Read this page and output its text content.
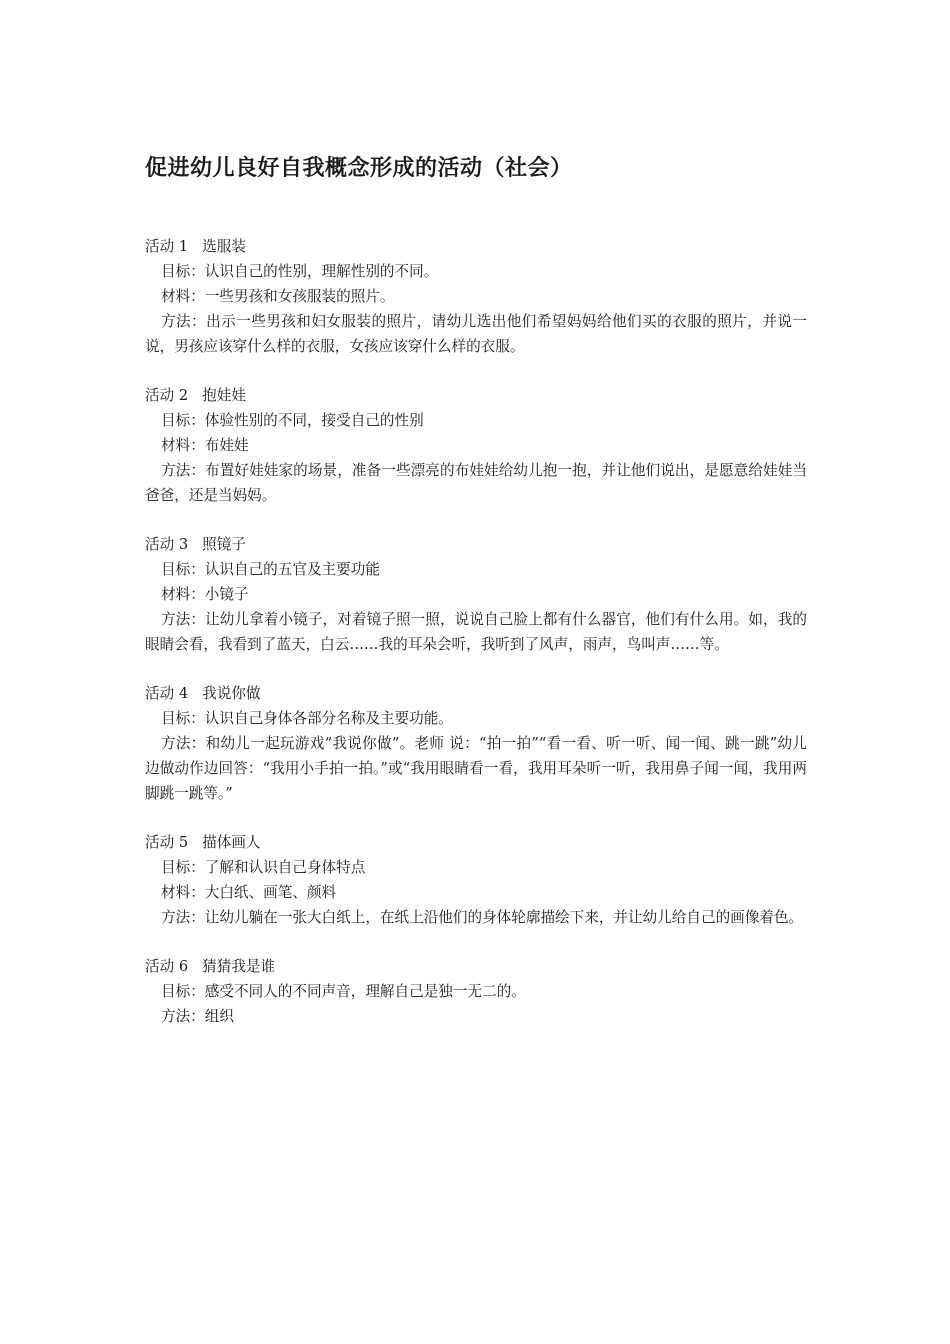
促进幼儿良好自我概念形成的活动（社会）

活动 1 选服装

目标：认识自己的性别，理解性别的不同。

材料：一些男孩和女孩服装的照片。

方法：出示一些男孩和妇女服装的照片，请幼儿选出他们希望妈妈给他们买的衣服的照片，并说一说，男孩应该穿什么样的衣服，女孩应该穿什么样的衣服。

活动 2 抱娃娃

目标：体验性别的不同，接受自己的性别

材料：布娃娃

方法：布置好娃娃家的场景，准备一些漂亮的布娃娃给幼儿抱一抱，并让他们说出，是愿意给娃娃当爸爸，还是当妈妈。

活动 3 照镜子

目标：认识自己的五官及主要功能

材料：小镜子

方法：让幼儿拿着小镜子，对着镜子照一照，说说自己脸上都有什么器官，他们有什么用。如，我的眼睛会看，我看到了蓝天，白云……我的耳朵会听，我听到了风声，雨声，鸟叫声……等。

活动 4 我说你做

目标：认识自己身体各部分名称及主要功能。

方法：和幼儿一起玩游戏“我说你做”。老师 说：“拍一拍”“看一看、听一听、闻一闻、跳一跳”幼儿边做动作边回答：“我用小手拍一拍。”或“我用眼睛看一看，我用耳朵听一听，我用鼻子闻一闻，我用两脚跳一跳等。”

活动 5 描体画人

目标：了解和认识自己身体特点

材料：大白纸、画笔、颜料

方法：让幼儿躺在一张大白纸上，在纸上沿他们的身体轮廓描绘下来，并让幼儿给自己的画像着色。

活动 6 猜猜我是谁

目标：感受不同人的不同声音，理解自己是独一无二的。

方法：组织
